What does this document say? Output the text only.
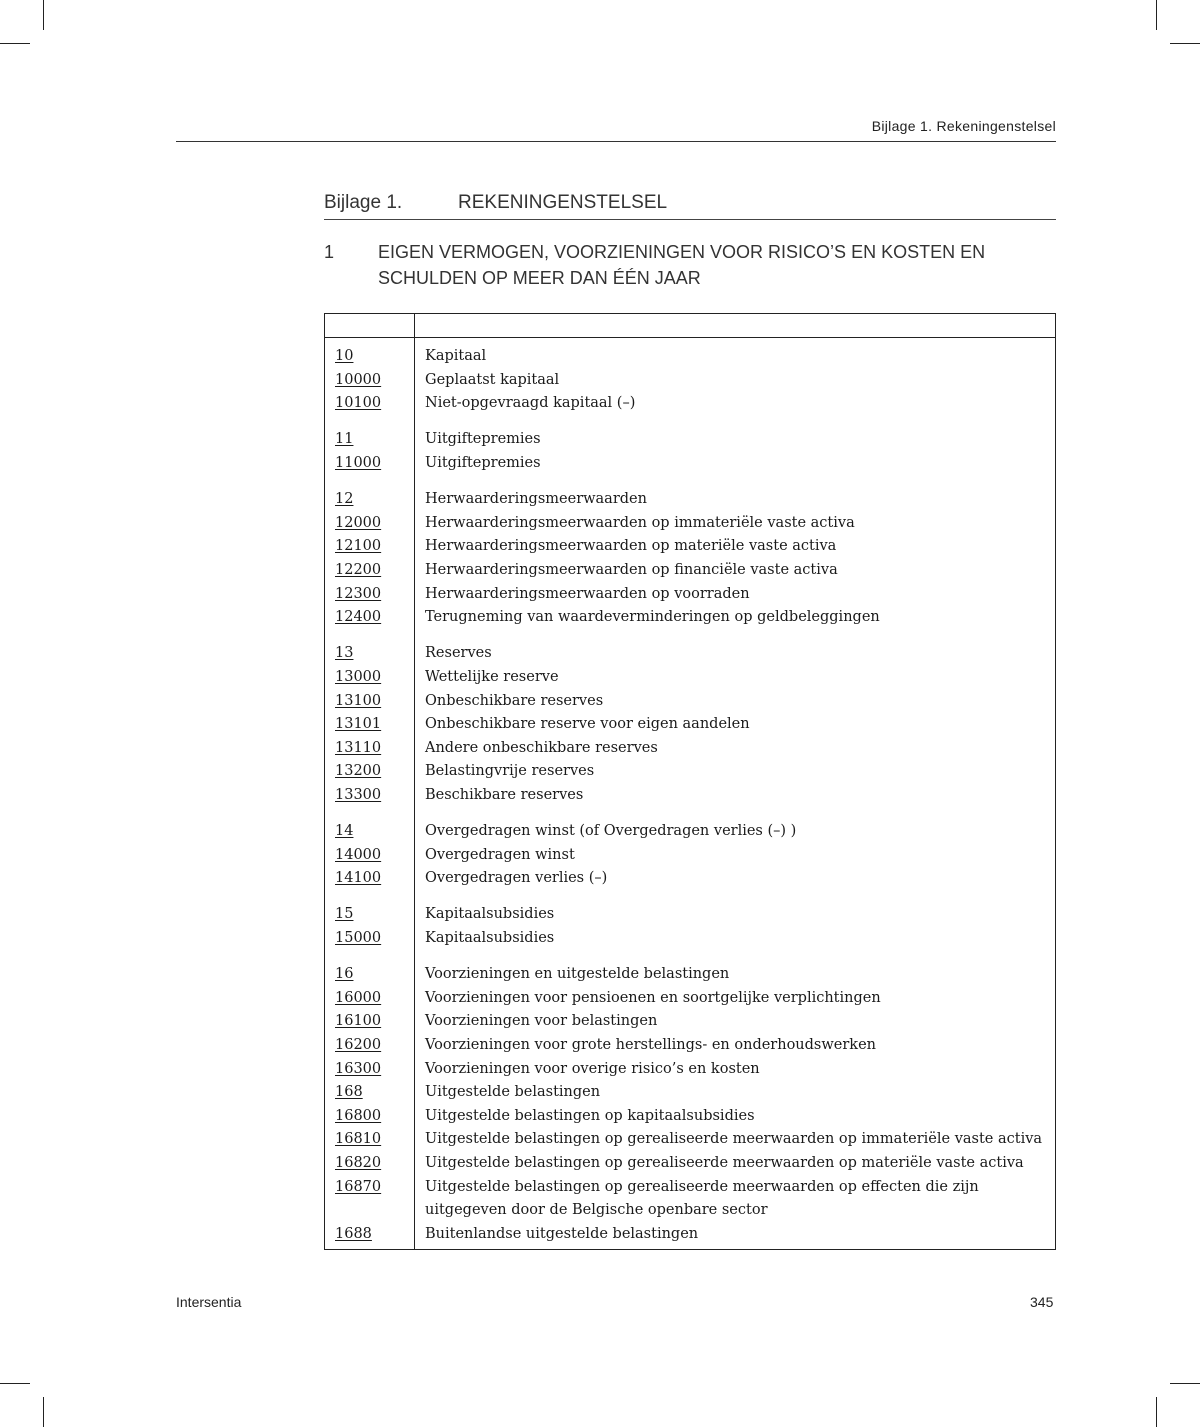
Bijlage 1. Rekeningenstelsel
Bijlage 1.	REKENINGENSTELSEL
1 EIGEN VERMOGEN, VOORZIENINGEN VOOR RISICO’S EN KOSTEN EN SCHULDEN OP MEER DAN ÉÉN JAAR
10	Kapitaal
10000	Geplaatst kapitaal
10100	Niet-opgevraagd kapitaal (–)
11	Uitgiftepremies
11000	Uitgiftepremies
12	Herwaarderingsmeerwaarden
12000	Herwaarderingsmeerwaarden op immateriële vaste activa
12100	Herwaarderingsmeerwaarden op materiële vaste activa
12200	Herwaarderingsmeerwaarden op financiële vaste activa
12300	Herwaarderingsmeerwaarden op voorraden
12400	Terugneming van waardeverminderingen op geldbeleggingen
13	Reserves
13000	Wettelijke reserve
13100	Onbeschikbare reserves
13101	Onbeschikbare reserve voor eigen aandelen
13110	Andere onbeschikbare reserves
13200	Belastingvrije reserves
13300	Beschikbare reserves
14	Overgedragen winst (of Overgedragen verlies (–) )
14000	Overgedragen winst
14100	Overgedragen verlies (–)
15	Kapitaalsubsidies
15000	Kapitaalsubsidies
16	Voorzieningen en uitgestelde belastingen
16000	Voorzieningen voor pensioenen en soortgelijke verplichtingen
16100	Voorzieningen voor belastingen
16200	Voorzieningen voor grote herstellings- en onderhoudswerken
16300	Voorzieningen voor overige risico’s en kosten
168	Uitgestelde belastingen
16800	Uitgestelde belastingen op kapitaalsubsidies
16810	Uitgestelde belastingen op gerealiseerde meerwaarden op immateriële vaste activa
16820	Uitgestelde belastingen op gerealiseerde meerwaarden op materiële vaste activa
16870	Uitgestelde belastingen op gerealiseerde meerwaarden op effecten die zijn uitgegeven door de Belgische openbare sector
1688	Buitenlandse uitgestelde belastingen
Intersentia	345
